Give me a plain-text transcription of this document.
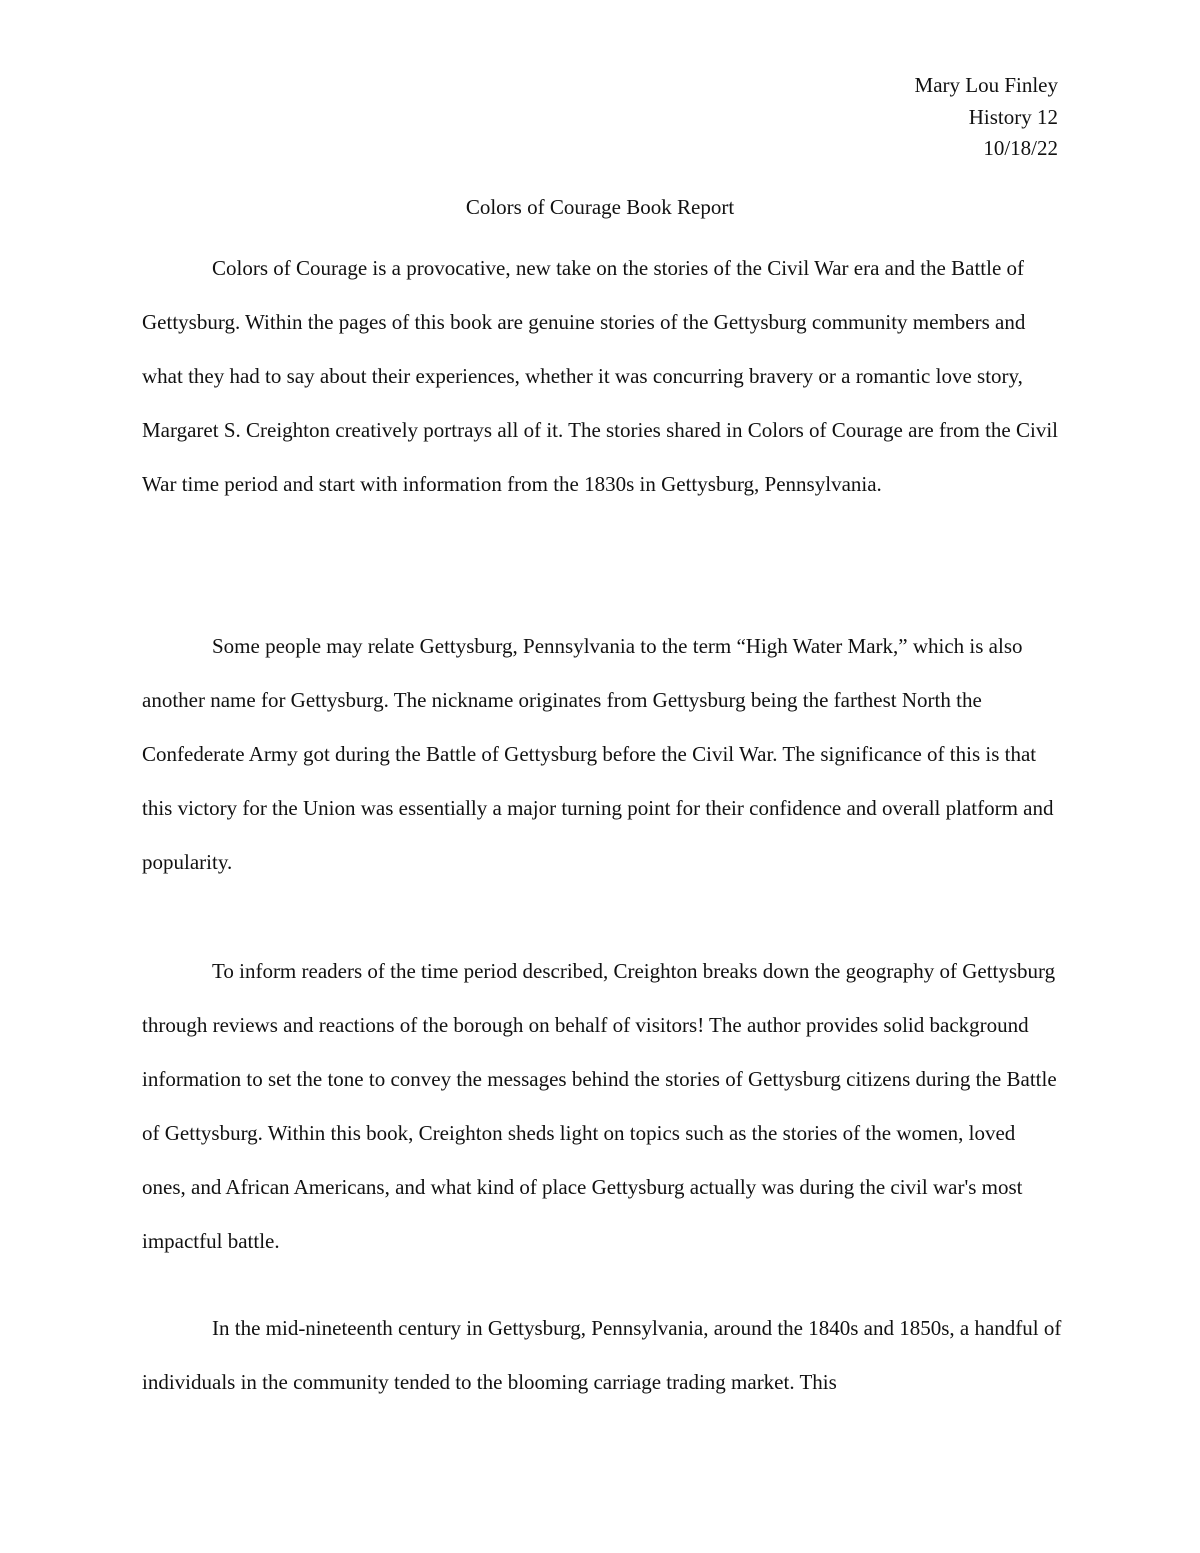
Mary Lou Finley
History 12
10/18/22
Colors of Courage Book Report

Colors of Courage is a provocative, new take on the stories of the Civil War era and the Battle of Gettysburg. Within the pages of this book are genuine stories of the Gettysburg community members and what they had to say about their experiences, whether it was concurring bravery or a romantic love story, Margaret S. Creighton creatively portrays all of it. The stories shared in Colors of Courage are from the Civil War time period and start with information from the 1830s in Gettysburg, Pennsylvania.

Some people may relate Gettysburg, Pennsylvania to the term “High Water Mark,” which is also another name for Gettysburg. The nickname originates from Gettysburg being the farthest North the Confederate Army got during the Battle of Gettysburg before the Civil War. The significance of this is that this victory for the Union was essentially a major turning point for their confidence and overall platform and popularity.

To inform readers of the time period described, Creighton breaks down the geography of Gettysburg through reviews and reactions of the borough on behalf of visitors! The author provides solid background information to set the tone to convey the messages behind the stories of Gettysburg citizens during the Battle of Gettysburg. Within this book, Creighton sheds light on topics such as the stories of the women, loved ones, and African Americans, and what kind of place Gettysburg actually was during the civil war's most impactful battle.

In the mid-nineteenth century in Gettysburg, Pennsylvania, around the 1840s and 1850s, a handful of individuals in the community tended to the blooming carriage trading market. This
